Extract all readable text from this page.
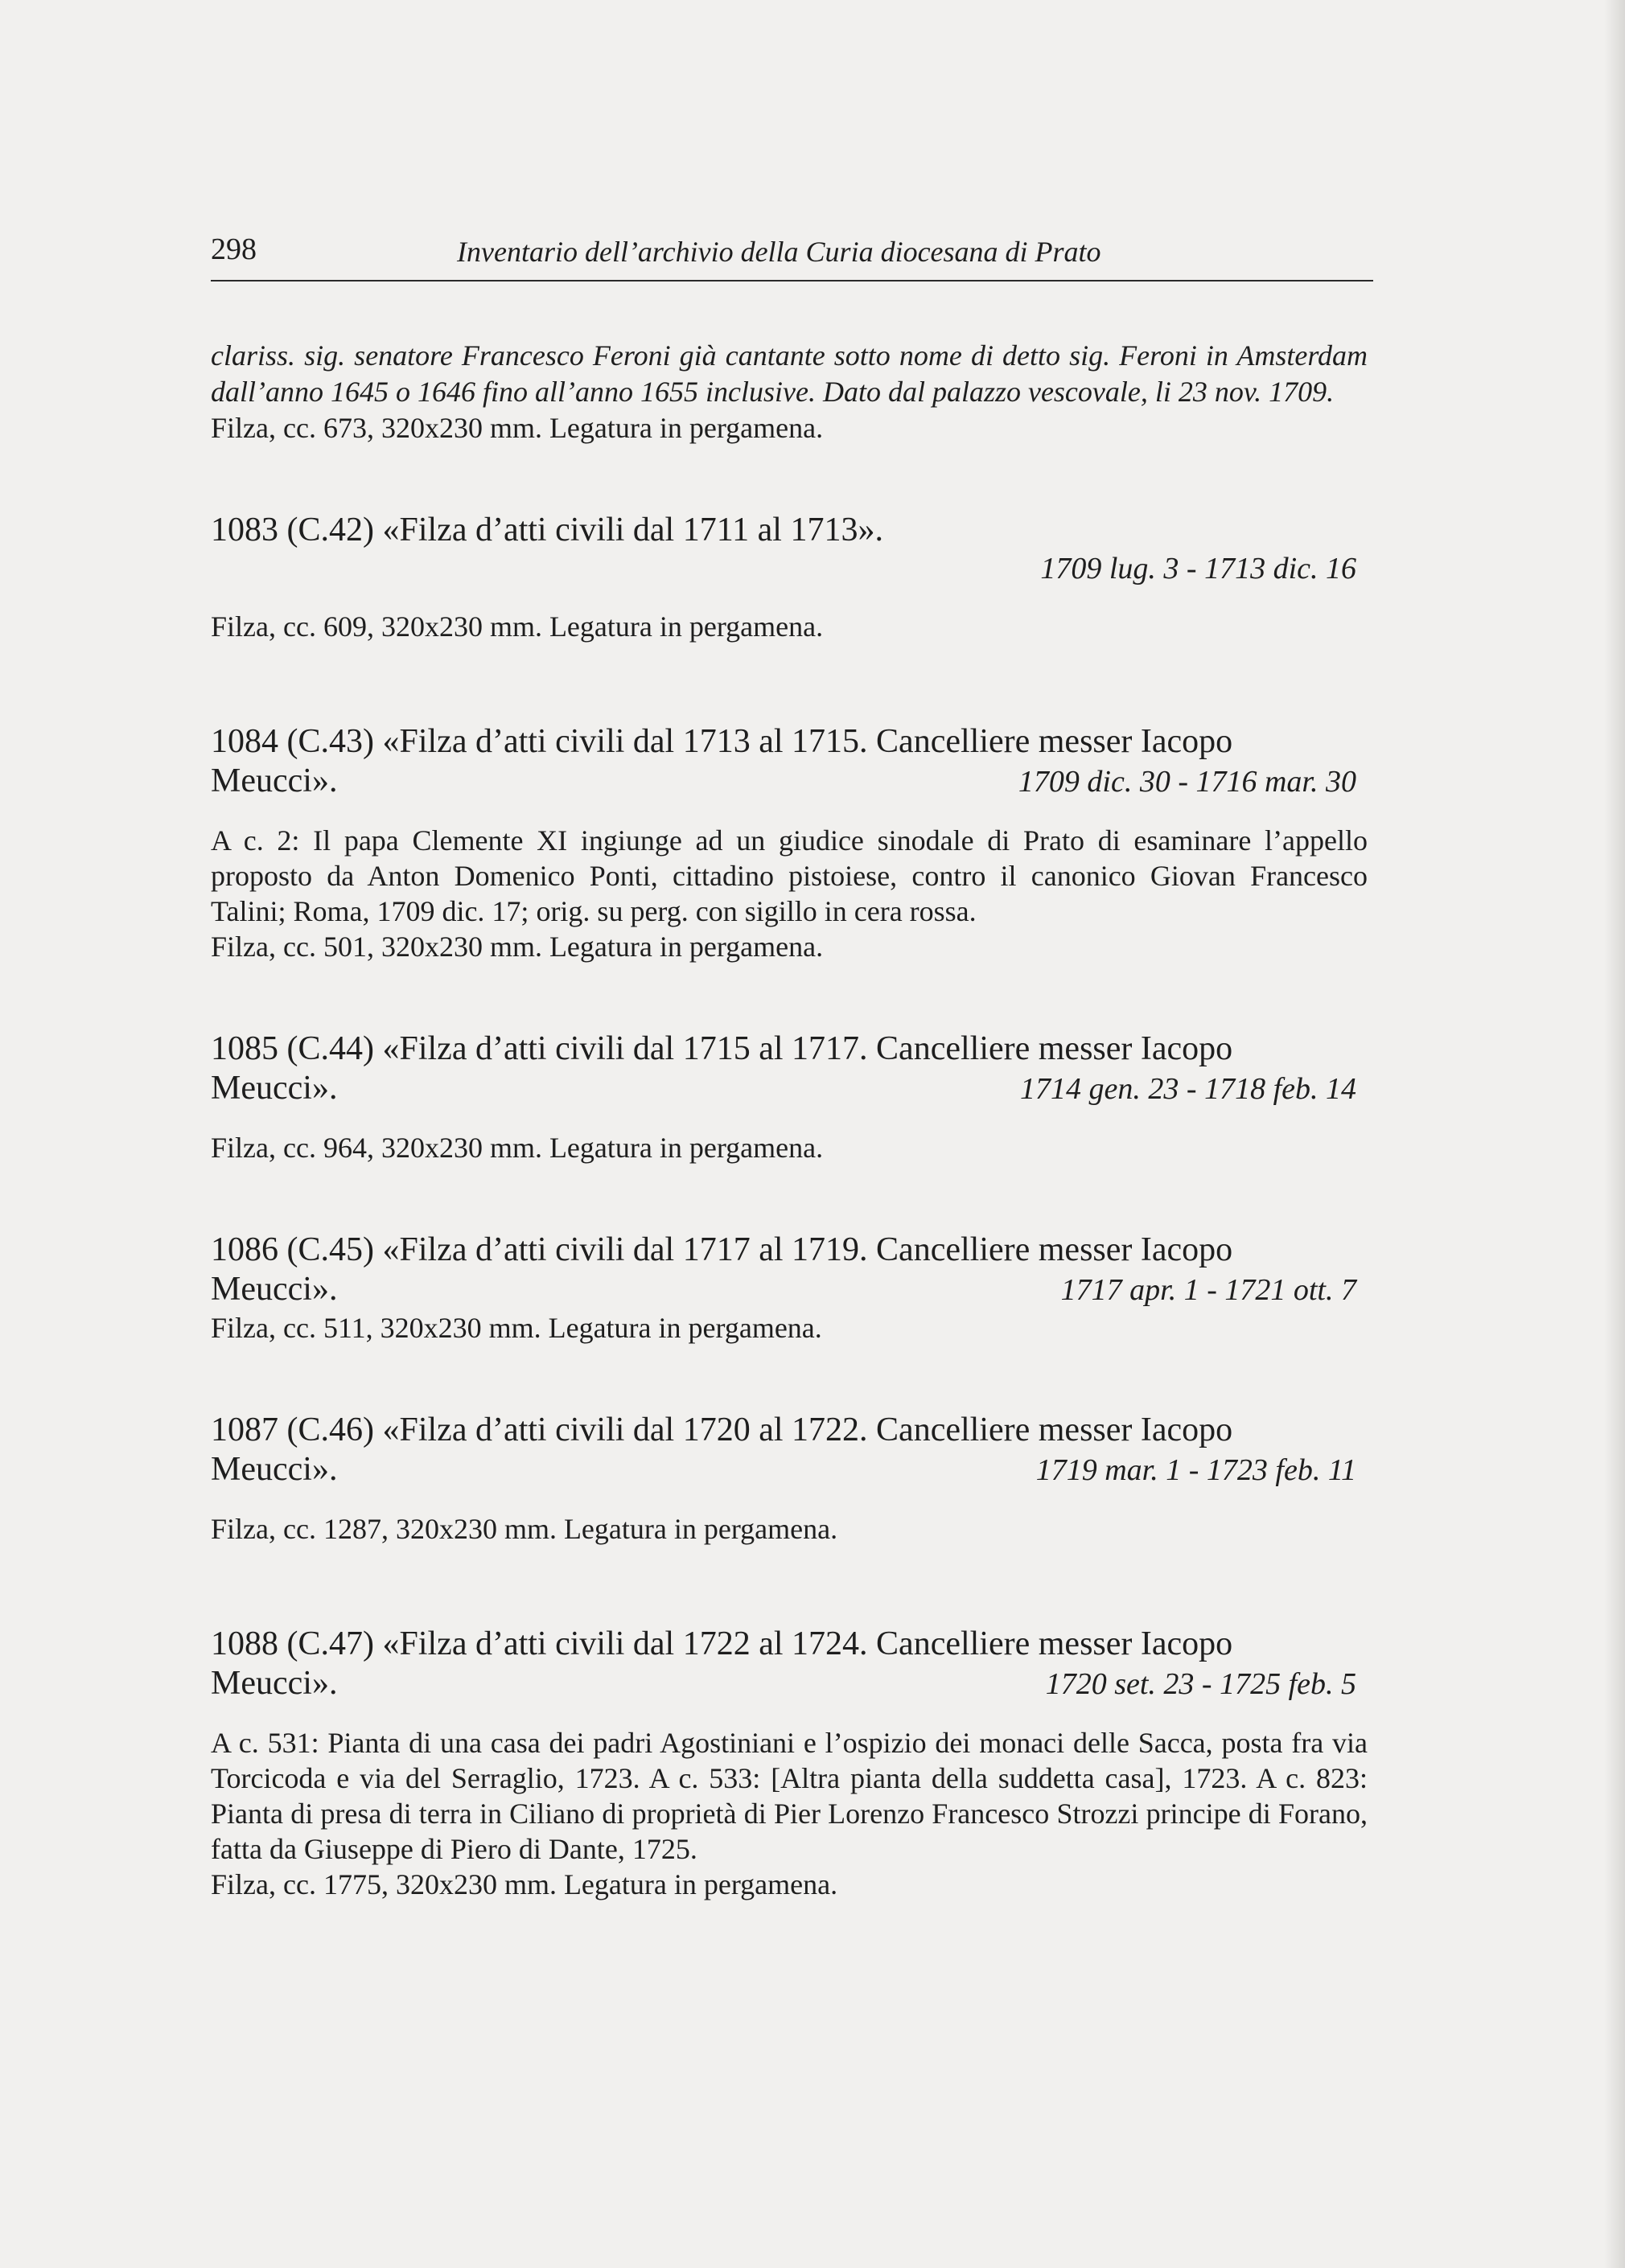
298	Inventario dell’archivio della Curia diocesana di Prato

clariss. sig. senatore Francesco Feroni già cantante sotto nome di detto sig. Feroni in Amsterdam dall’anno 1645 o 1646 fino all’anno 1655 inclusive. Dato dal palazzo vescovale, li 23 nov. 1709.

Filza, cc. 673, 320x230 mm. Legatura in pergamena.

1083 (C.42) «Filza d’atti civili dal 1711 al 1713».

1709 lug. 3 - 1713 dic. 16

Filza, cc. 609, 320x230 mm. Legatura in pergamena.

1084 (C.43) «Filza d’atti civili dal 1713 al 1715. Cancelliere messer Iacopo

Meucci».	1709 dic. 30 - 1716 mar. 30

A c. 2: Il papa Clemente XI ingiunge ad un giudice sinodale di Prato di esaminare l’appello proposto da Anton Domenico Ponti, cittadino pistoiese, contro il canonico Giovan Francesco Talini; Roma, 1709 dic. 17; orig. su perg. con sigillo in cera rossa.

Filza, cc. 501, 320x230 mm. Legatura in pergamena.

1085 (C.44) «Filza d’atti civili dal 1715 al 1717. Cancelliere messer Iacopo

Meucci».	1714 gen. 23 - 1718 feb. 14

Filza, cc. 964, 320x230 mm. Legatura in pergamena.

1086 (C.45) «Filza d’atti civili dal 1717 al 1719. Cancelliere messer Iacopo

Meucci».	1717 apr. 1 - 1721 ott. 7

Filza, cc. 511, 320x230 mm. Legatura in pergamena.

1087 (C.46) «Filza d’atti civili dal 1720 al 1722. Cancelliere messer Iacopo

Meucci».	1719 mar. 1 - 1723 feb. 11

Filza, cc. 1287, 320x230 mm. Legatura in pergamena.

1088 (C.47) «Filza d’atti civili dal 1722 al 1724. Cancelliere messer Iacopo

Meucci».	1720 set. 23 - 1725 feb. 5

A c. 531: Pianta di una casa dei padri Agostiniani e l’ospizio dei monaci delle Sacca, posta fra via Torcicoda e via del Serraglio, 1723. A c. 533: [Altra pianta della suddetta casa], 1723. A c. 823: Pianta di presa di terra in Ciliano di proprietà di Pier Lorenzo Francesco Strozzi principe di Forano, fatta da Giuseppe di Piero di Dante, 1725.

Filza, cc. 1775, 320x230 mm. Legatura in pergamena.
